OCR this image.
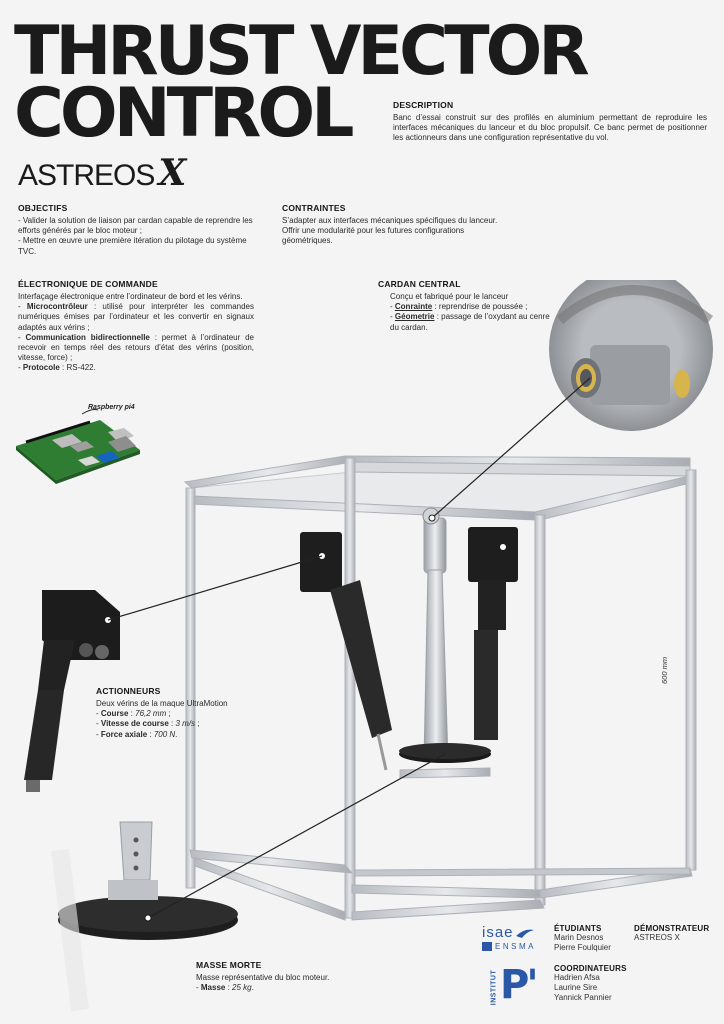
THRUST VECTOR
CONTROL
ASTREOS X
DESCRIPTION
Banc d’essai construit sur des profilés en aluminium permettant de reproduire les interfaces mécaniques du lanceur et du bloc propulsif. Ce banc permet de positionner les actionneurs dans une configuration représentative du vol.
OBJECTIFS
- Valider la solution de liaison par cardan capable de reprendre les efforts générés par le bloc moteur ;
- Mettre en œuvre une première itération du pilotage du système TVC.
CONTRAINTES
S’adapter aux interfaces mécaniques spécifiques du lanceur. Offrir une modularité pour les futures configurations géométriques.
ÉLECTRONIQUE DE COMMANDE
Interfaçage électronique entre l’ordinateur de bord et les vérins.
- Microcontrôleur : utilisé pour interpréter les commandes numériques émises par l’ordinateur et les convertir en signaux adaptés aux vérins ;
- Communication bidirectionnelle : permet à l’ordinateur de recevoir en temps réel des retours d’état des vérins (position, vitesse, force) ;
- Protocole : RS-422.
Raspberry pi4
CARDAN CENTRAL
Conçu et fabriqué pour le lanceur
- Conrainte : reprendrise de poussée ;
- Géometrie : passage de l’oxydant au cenre du cardan.
600 mm
ACTIONNEURS
Deux vérins de la maque UltraMotion
- Course : 76,2 mm ;
- Vitesse de course : 3 m/s ;
- Force axiale : 700 N.
MASSE MORTE
Masse représentative du bloc moteur.
- Masse : 25 kg.
isae
ENSMA
INSTITUT P'
ÉTUDIANTS
Marin Desnos
Pierre Foulquier
DÉMONSTRATEUR
ASTREOS X
COORDINATEURS
Hadrien Afsa
Laurine Sire
Yannick Pannier
